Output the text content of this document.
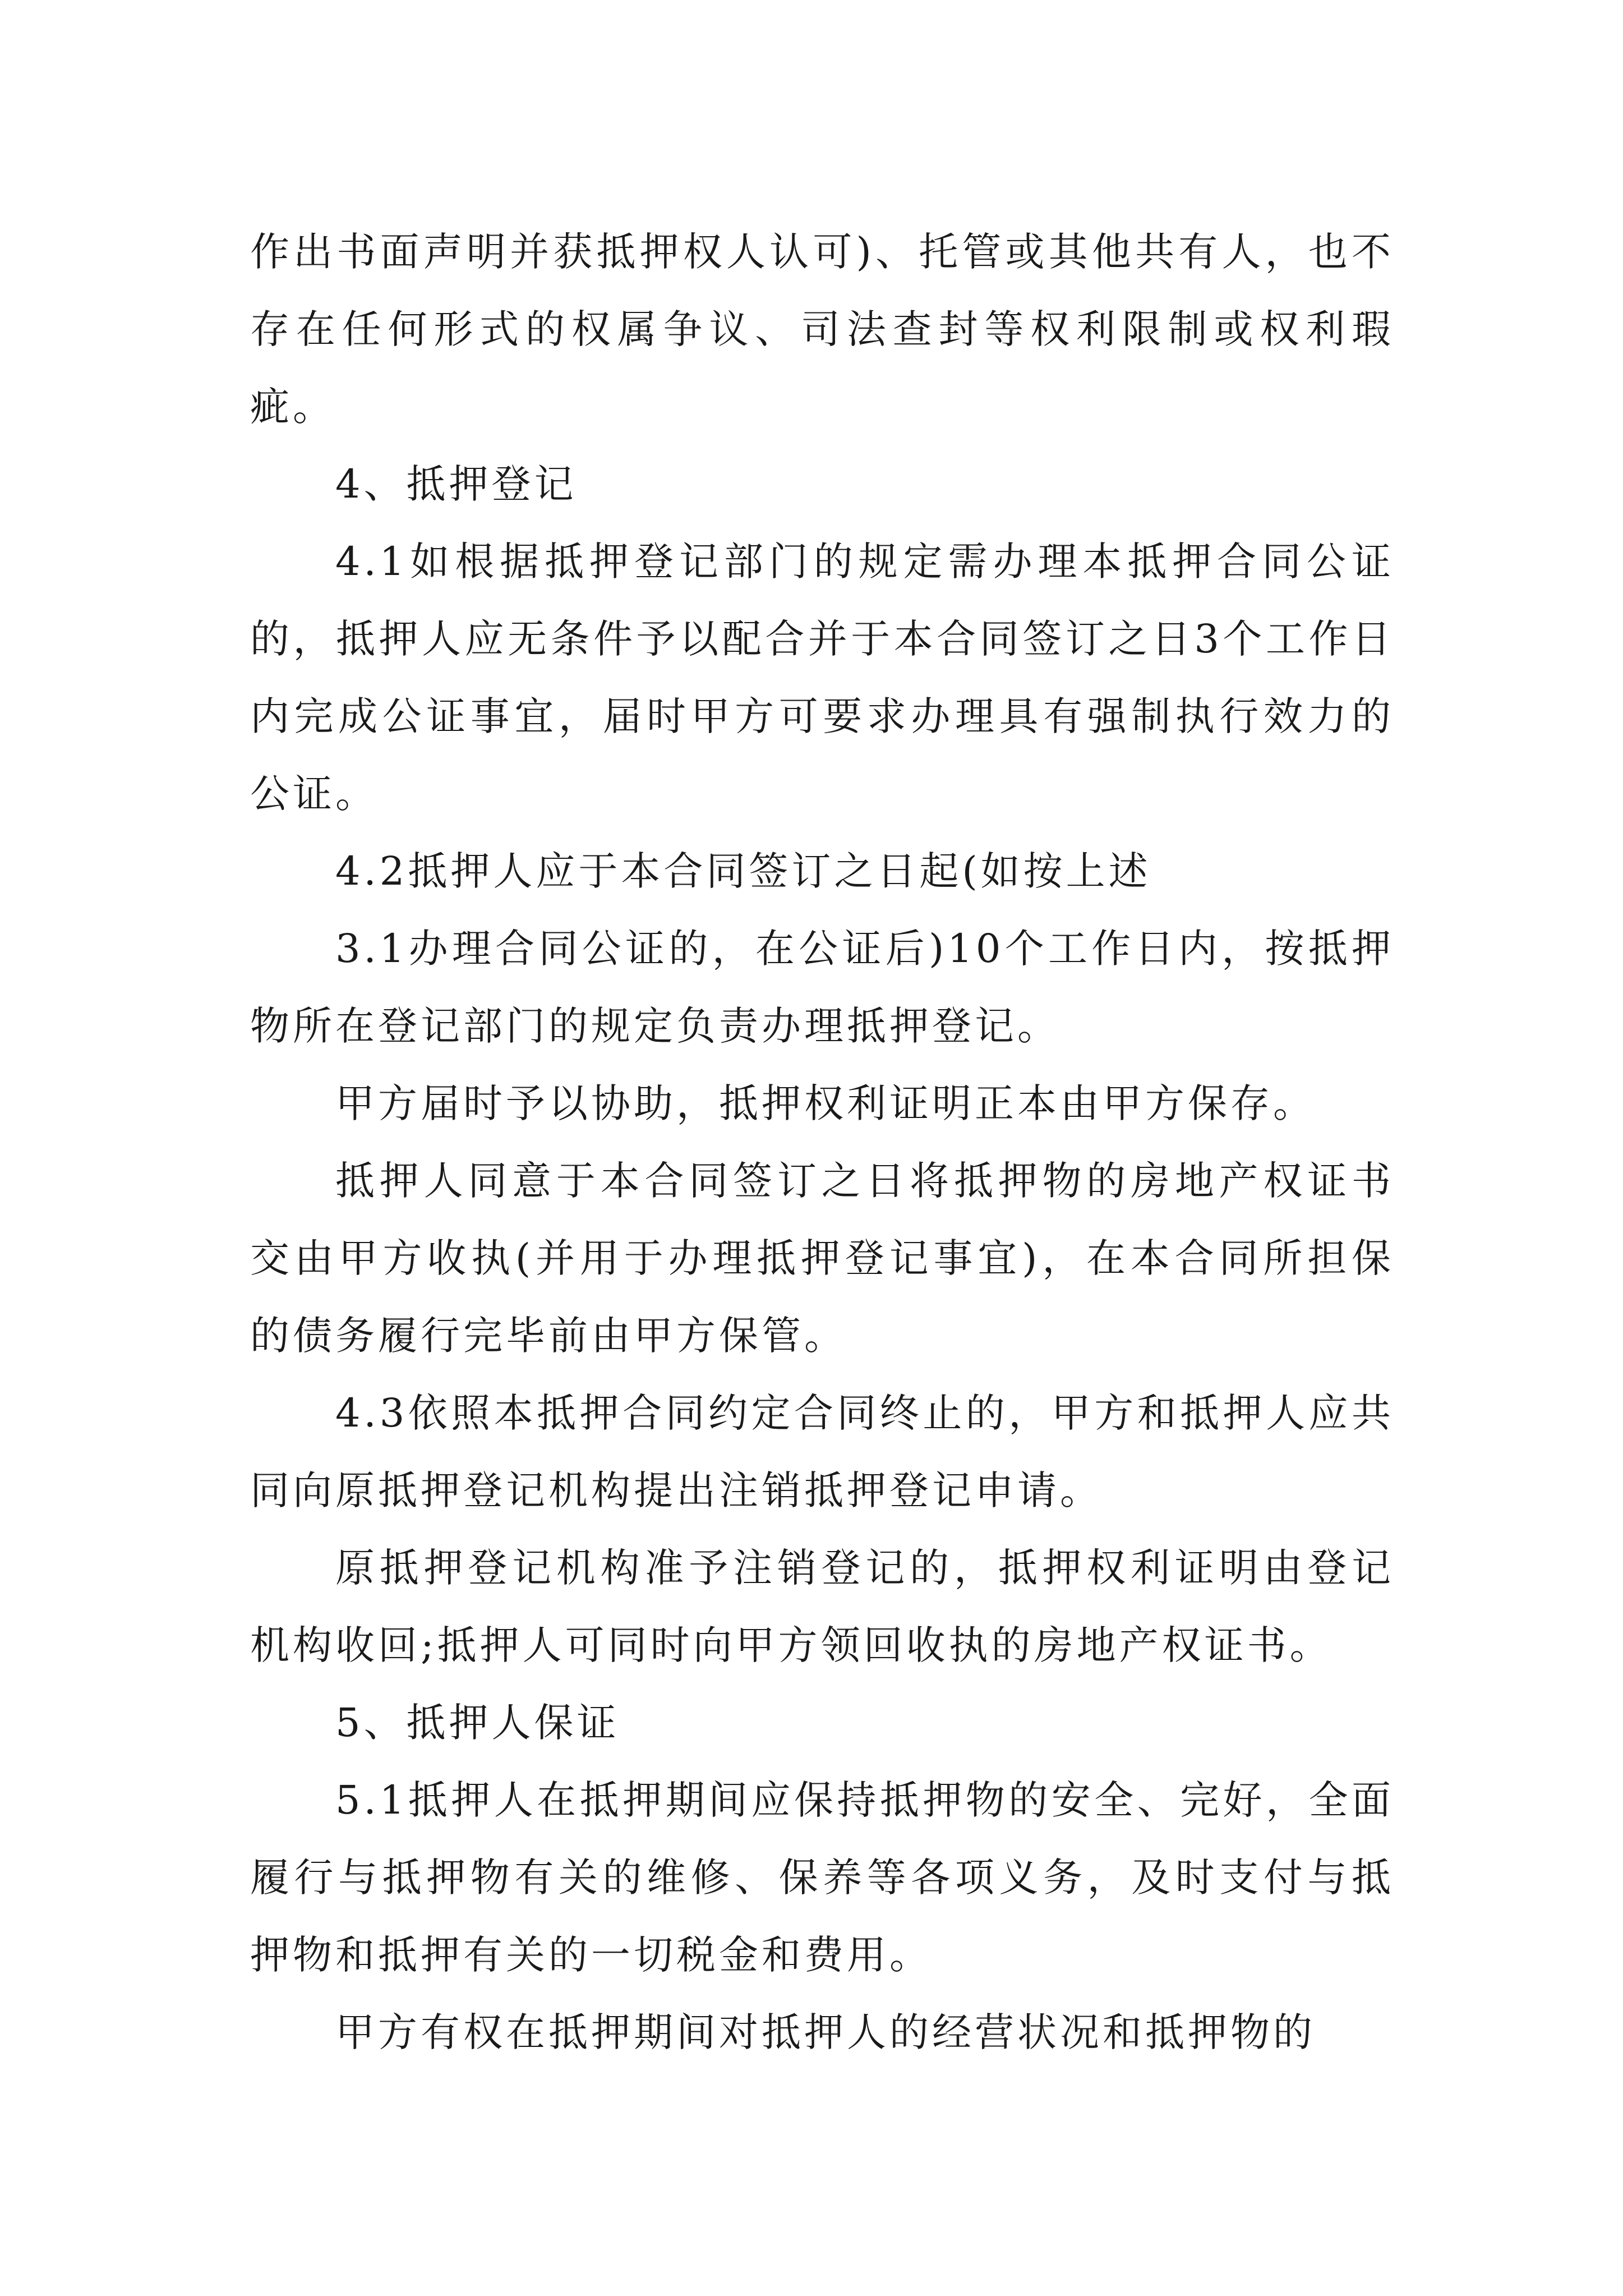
作出书面声明并获抵押权人认可)、托管或其他共有人，也不存在任何形式的权属争议、司法查封等权利限制或权利瑕疵。

4、抵押登记

4.1如根据抵押登记部门的规定需办理本抵押合同公证的，抵押人应无条件予以配合并于本合同签订之日3个工作日内完成公证事宜，届时甲方可要求办理具有强制执行效力的公证。

4.2抵押人应于本合同签订之日起(如按上述

3.1办理合同公证的，在公证后)10个工作日内，按抵押物所在登记部门的规定负责办理抵押登记。

甲方届时予以协助，抵押权利证明正本由甲方保存。

抵押人同意于本合同签订之日将抵押物的房地产权证书交由甲方收执(并用于办理抵押登记事宜)，在本合同所担保的债务履行完毕前由甲方保管。

4.3依照本抵押合同约定合同终止的，甲方和抵押人应共同向原抵押登记机构提出注销抵押登记申请。

原抵押登记机构准予注销登记的，抵押权利证明由登记机构收回;抵押人可同时向甲方领回收执的房地产权证书。

5、抵押人保证

5.1抵押人在抵押期间应保持抵押物的安全、完好，全面履行与抵押物有关的维修、保养等各项义务，及时支付与抵押物和抵押有关的一切税金和费用。

甲方有权在抵押期间对抵押人的经营状况和抵押物的
